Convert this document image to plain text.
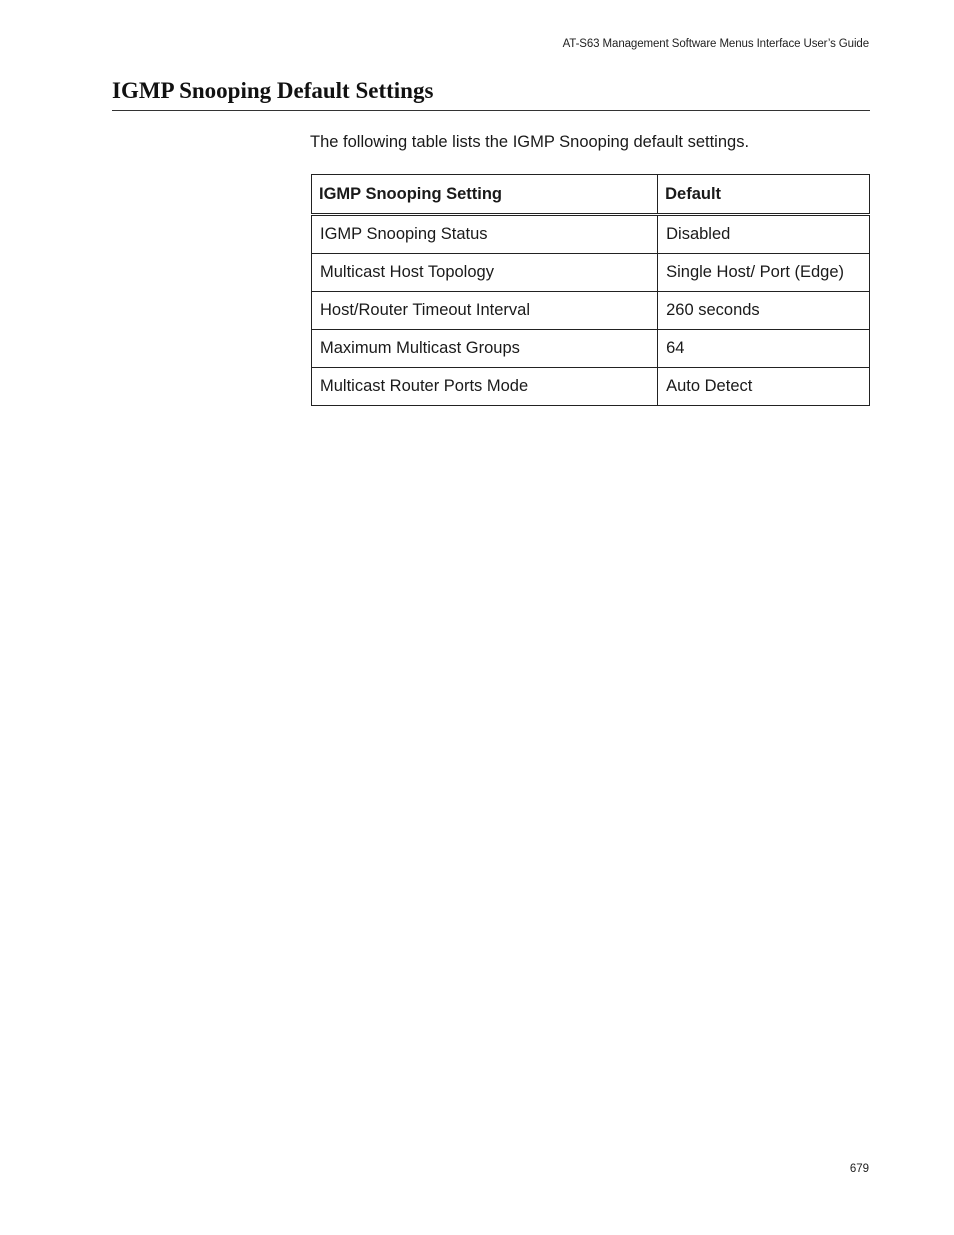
AT-S63 Management Software Menus Interface User’s Guide
IGMP Snooping Default Settings

The following table lists the IGMP Snooping default settings.

IGMP Snooping Setting	Default
IGMP Snooping Status	Disabled
Multicast Host Topology	Single Host/ Port (Edge)
Host/Router Timeout Interval	260 seconds
Maximum Multicast Groups	64
Multicast Router Ports Mode	Auto Detect
679
